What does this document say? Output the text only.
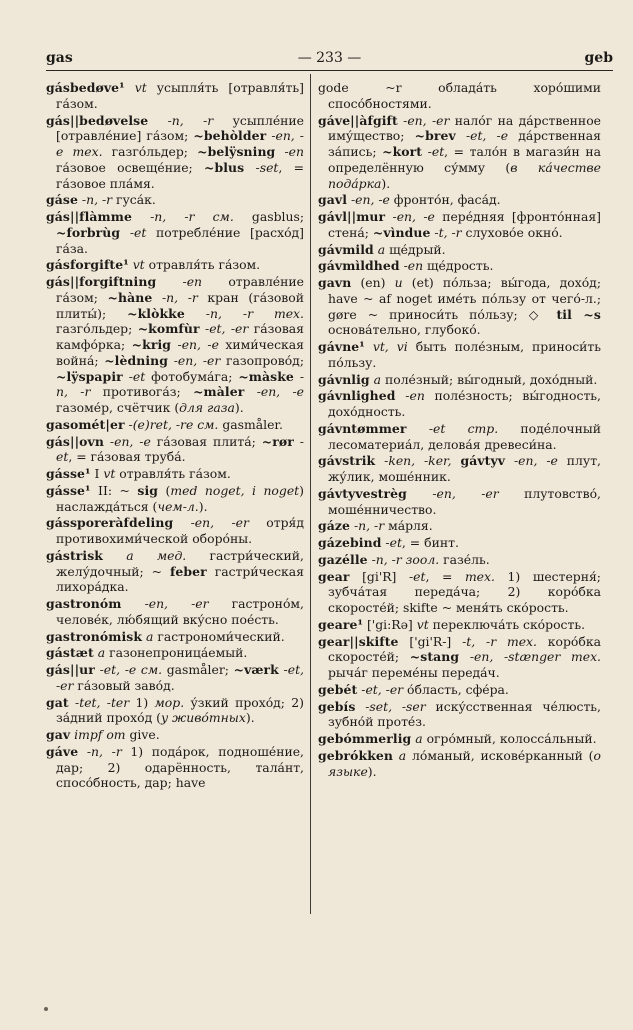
gas	— 233 —	geb

gásbedøve¹ vt усыпля́ть [отравля́ть] га́зом.

gás||bedøvelse -n, -r усыпле́ние [отравле́ние] га́зом; ~behòlder -en, -e тех. газго́льдер; ~belÿsning -en га́зовое освеще́ние; ~blus -set, = га́зовое пла́мя.

gáse -n, -r гуса́к.

gás||flàmme -n, -r см. gasblus; ~forbrùg -et потребле́ние [расхо́д] га́за.

gásforgifte¹ vt отравля́ть га́зом.

gás||forgiftning -en отравле́ние га́зом; ~hàne -n, -r кран (га́зовой плиты́); ~klòkke -n, -r тех. газго́льдер; ~komfùr -et, -er га́зовая камфо́рка; ~krig -en, -e хими́ческая война́; ~lèdning -en, -er газопрово́д; ~lÿspapir -et фотобума́га; ~màske -n, -r противога́з; ~màler -en, -e газоме́р, счётчик (для газа).

gasomét|er -(e)ret, -re см. gasmåler.

gás||ovn -en, -e га́зовая плита́; ~rør -et, = га́зовая труба́.

gásse¹ I vt отравля́ть га́зом.

gásse¹ II: ~ sig (med noget, i noget) наслажда́ться (чем-л.).

gássporeràfdeling -en, -er отря́д противохими́ческой оборо́ны.

gástrisk a мед. гастри́ческий, желу́дочный; ~ feber гастри́ческая лихора́дка.

gastronóm -en, -er гастроно́м, челове́к, лю́бящий вку́сно пое́сть.

gastronómisk a гастрономи́ческий.

gástæt a газонепроница́емый.

gás||ur -et, -e см. gasmåler; ~værk -et, -er га́зовый заво́д.

gat -tet, -ter 1) мор. у́зкий прохо́д; 2) за́дний прохо́д (у живо́тных).

gav impf om give.

gáve -n, -r 1) пода́рок, подноше́ние, дар; 2) одарённость, тала́нт, спосо́бность, дар; have

gode ~r облада́ть хоро́шими спосо́бностями.

gáve||àfgift -en, -er нало́г на да́рственное иму́щество; ~brev -et, -e да́рственная за́пись; ~kort -et, = тало́н в магази́н на определённую су́мму (в ка́честве пода́рка).

gavl -en, -e фронто́н, фаса́д.

gávl||mur -en, -e пере́дняя [фронто́нная] стена́; ~vìndue -t, -r слухово́е окно́.

gávmild a ще́дрый.

gávmìldhed -en ще́дрость.

gavn (en) u (et) по́льза; вы́года, дохо́д; have ~ af noget име́ть по́льзу от чего́-л.; gøre ~ приноси́ть по́льзу; ◇ til ~s основа́тельно, глубоко́.

gávne¹ vt, vi быть поле́зным, приноси́ть по́льзу.

gávnlig a поле́зный; вы́годный, дохо́дный.

gávnlighed -en поле́зность; вы́годность, дохо́дность.

gávntømmer -et стр. подéлочный лесоматериа́л, делова́я древеси́на.

gávstrik -ken, -ker, gávtyv -en, -e плут, жу́лик, моше́нник.

gávtyvestrèg -en, -er плутовство́, моше́нничество.

gáze -n, -r ма́рля.

gázebind -et, = бинт.

gazélle -n, -r зоол. газе́ль.

gear [gi'R] -et, = тех. 1) шестерня́; зубча́тая переда́ча; 2) коро́бка скоросте́й; skifte ~ меня́ть ско́рость.

geare¹ ['gi:Rə] vt переключа́ть ско́рость.

gear||skifte ['gi'R-] -t, -r тех. коро́бка скоросте́й; ~stang -en, -stænger тех. рыча́г переме́ны переда́ч.

gebét -et, -er о́бласть, сфе́ра.

gebís -set, -ser иску́сственная че́люсть, зубно́й проте́з.

gebómmerlig a огро́мный, колосса́льный.

gebrókken a ло́маный, искове́рканный (о языке).
